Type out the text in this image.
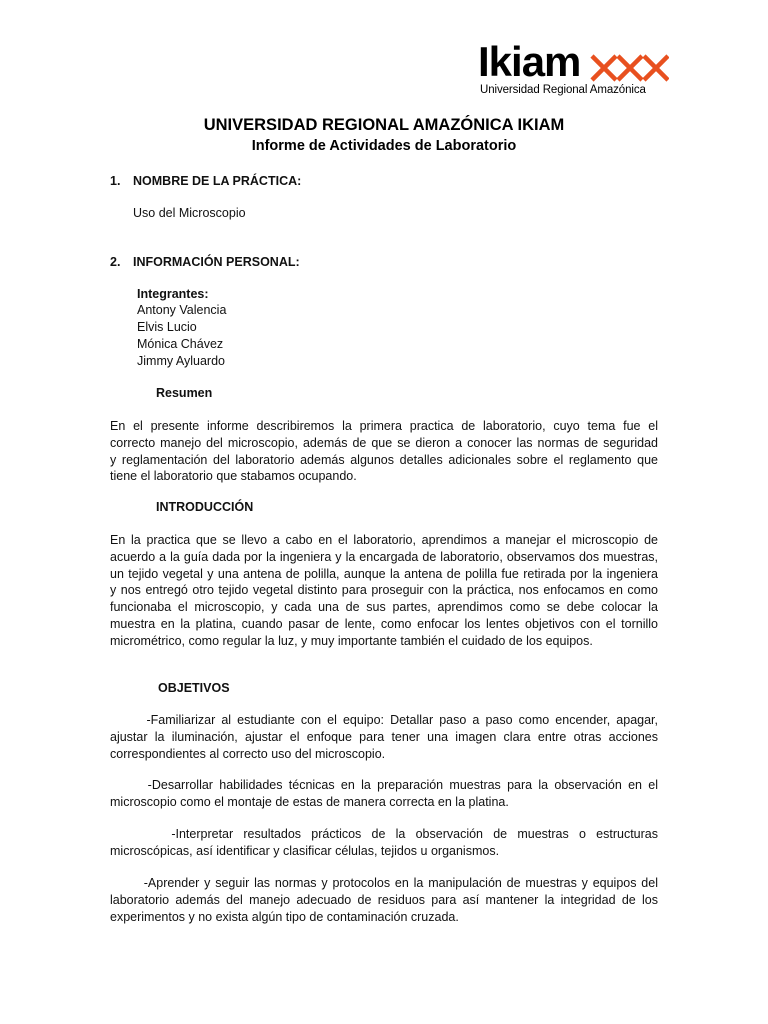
Ikiam
Universidad Regional Amazónica
UNIVERSIDAD REGIONAL AMAZÓNICA IKIAM
Informe de Actividades de Laboratorio
1. NOMBRE DE LA PRÁCTICA:
Uso del Microscopio
2. INFORMACIÓN PERSONAL:
Integrantes:
Antony Valencia
Elvis Lucio
Mónica Chávez
Jimmy Ayluardo
Resumen
En el presente informe describiremos la primera practica de laboratorio, cuyo tema fue el
correcto manejo del microscopio, además de que se dieron a conocer las normas de seguridad
y reglamentación del laboratorio además algunos detalles adicionales sobre el reglamento que
tiene el laboratorio que stabamos ocupando.
INTRODUCCIÓN
En la practica que se llevo a cabo en el laboratorio, aprendimos a manejar el microscopio de
acuerdo a la guía dada por la ingeniera y la encargada de laboratorio, observamos dos muestras,
un tejido vegetal y una antena de polilla, aunque la antena de polilla fue retirada por la ingeniera
y nos entregó otro tejido vegetal distinto para proseguir con la práctica, nos enfocamos en como
funcionaba el microscopio, y cada una de sus partes, aprendimos como se debe colocar la
muestra en la platina, cuando pasar de lente, como enfocar los lentes objetivos con el tornillo
micrométrico, como regular la luz, y muy importante también el cuidado de los equipos.
OBJETIVOS
-Familiarizar al estudiante con el equipo: Detallar paso a paso como encender, apagar,
ajustar la iluminación, ajustar el enfoque para tener una imagen clara entre otras acciones
correspondientes al correcto uso del microscopio.
-Desarrollar habilidades técnicas en la preparación muestras para la observación en el
microscopio como el montaje de estas de manera correcta en la platina.
-Interpretar resultados prácticos de la observación de muestras o estructuras
microscópicas, así identificar y clasificar células, tejidos u organismos.
-Aprender y seguir las normas y protocolos en la manipulación de muestras y equipos del
laboratorio además del manejo adecuado de residuos para así mantener la integridad de los
experimentos y no exista algún tipo de contaminación cruzada.
